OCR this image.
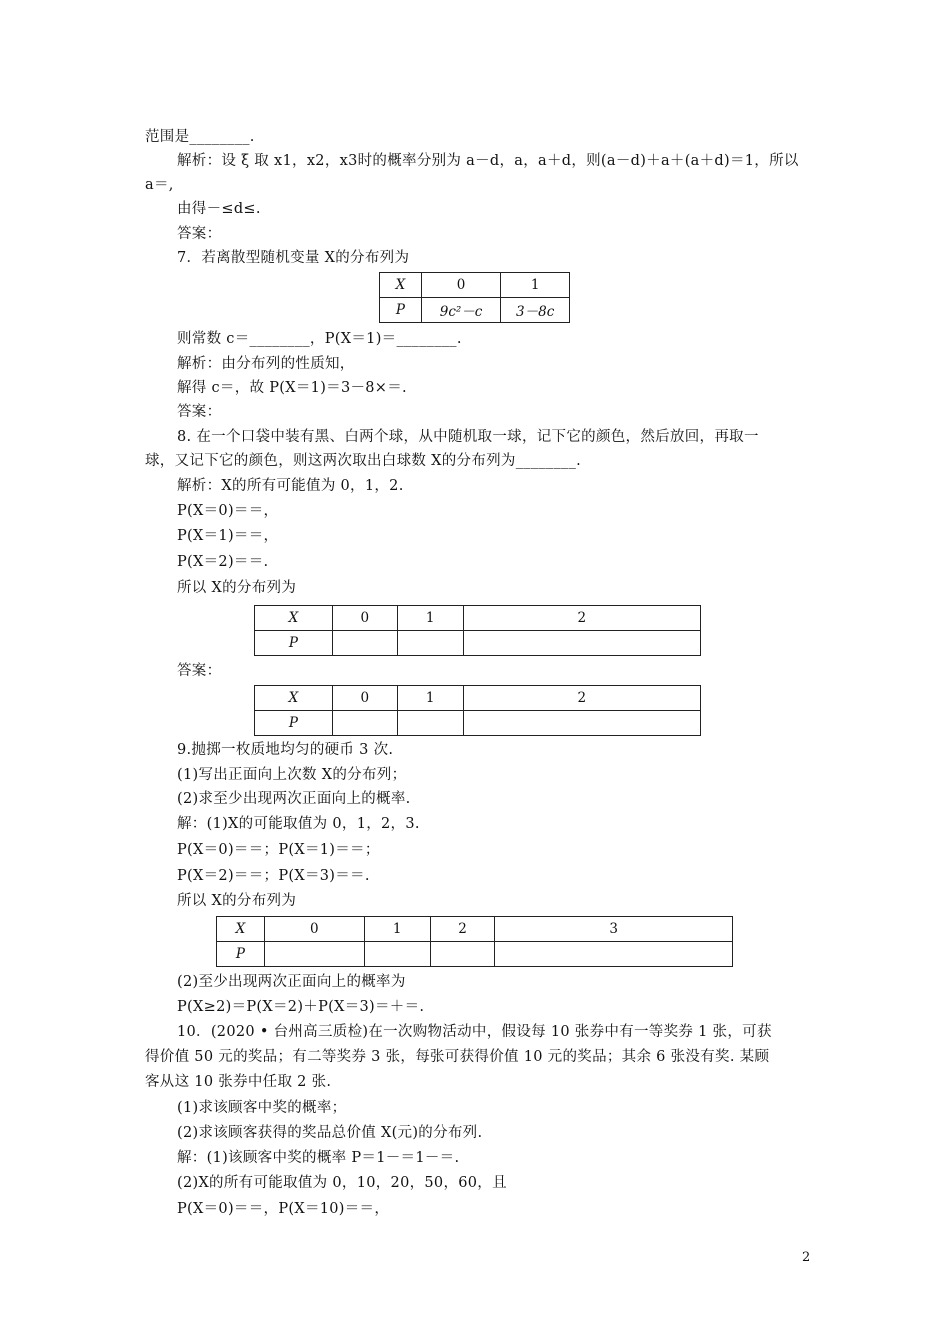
范围是________.
解析：设 ξ 取 x1，x2，x3时的概率分别为 a－d，a，a＋d，则(a－d)＋a＋(a＋d)＝1，所以
a＝,
由得－≤d≤.
答案：
7．若离散型随机变量 X的分布列为
X	0	1
P	9c²－c	3－8c
则常数 c＝________，P(X＝1)＝________.
解析：由分布列的性质知，
解得 c＝，故 P(X＝1)＝3－8×＝.
答案：
8. 在一个口袋中装有黑、白两个球，从中随机取一球，记下它的颜色，然后放回，再取一
球，又记下它的颜色，则这两次取出白球数 X的分布列为________.
解析：X的所有可能值为 0，1，2.
P(X＝0)＝＝，
P(X＝1)＝＝，
P(X＝2)＝＝.
所以 X的分布列为
X	0	1	2
P			
答案：
X	0	1	2
P			
9.抛掷一枚质地均匀的硬币 3 次.
(1)写出正面向上次数 X的分布列；
(2)求至少出现两次正面向上的概率.
解：(1)X的可能取值为 0，1，2，3.
P(X＝0)＝＝；P(X＝1)＝＝；
P(X＝2)＝＝；P(X＝3)＝＝.
所以 X的分布列为
X	0	1	2	3
P				
(2)至少出现两次正面向上的概率为
P(X≥2)＝P(X＝2)＋P(X＝3)＝＋＝.
10．(2020 • 台州高三质检)在一次购物活动中，假设每 10 张券中有一等奖券 1 张，可获
得价值 50 元的奖品；有二等奖券 3 张，每张可获得价值 10 元的奖品；其余 6 张没有奖. 某顾
客从这 10 张券中任取 2 张.
(1)求该顾客中奖的概率；
(2)求该顾客获得的奖品总价值 X(元)的分布列.
解：(1)该顾客中奖的概率 P＝1－＝1－＝.
(2)X的所有可能取值为 0，10，20，50，60，且
P(X＝0)＝＝，P(X＝10)＝＝，
2
